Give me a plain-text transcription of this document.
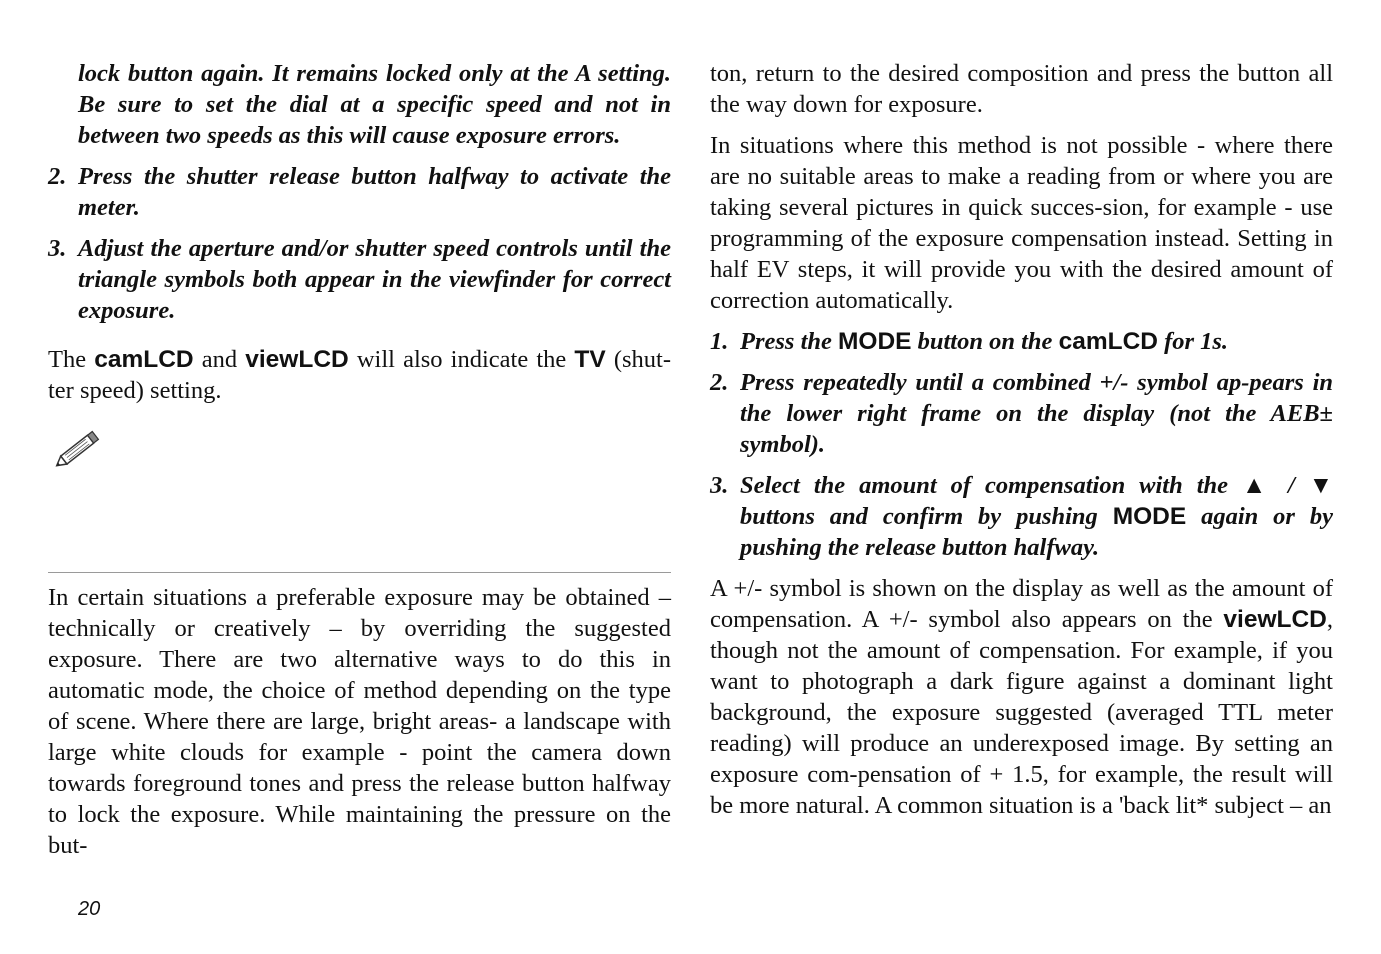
lock button again. It remains locked only at the A setting. Be sure to set the dial at a specific speed and not in between two speeds as this will cause exposure errors.
2. Press the shutter release button halfway to activate the meter.
3. Adjust the aperture and/or shutter speed controls until the triangle symbols both appear in the viewfinder for correct exposure.

The camLCD and viewLCD will also indicate the TV (shut-ter speed) setting.

In certain situations a preferable exposure may be obtained – technically or creatively – by overriding the suggested exposure. There are two alternative ways to do this in automatic mode, the choice of method depending on the type of scene. Where there are large, bright areas- a landscape with large white clouds for example - point the camera down towards foreground tones and press the release button halfway to lock the exposure. While maintaining the pressure on the but-

ton, return to the desired composition and press the button all the way down for exposure.

In situations where this method is not possible - where there are no suitable areas to make a reading from or where you are taking several pictures in quick succes-sion, for example - use programming of the exposure compensation instead. Setting in half EV steps, it will provide you with the desired amount of correction automatically.

1. Press the MODE button on the camLCD for 1s.
2. Press repeatedly until a combined +/- symbol ap-pears in the lower right frame on the display (not the AEB± symbol).
3. Select the amount of compensation with the ▲ / ▼ buttons and confirm by pushing MODE again or by pushing the release button halfway.

A +/- symbol is shown on the display as well as the amount of compensation. A +/- symbol also appears on the viewLCD, though not the amount of compensation. For example, if you want to photograph a dark figure against a dominant light background, the exposure suggested (averaged TTL meter reading) will produce an underexposed image. By setting an exposure com-pensation of + 1.5, for example, the result will be more natural. A common situation is a 'back lit* subject – an

20
